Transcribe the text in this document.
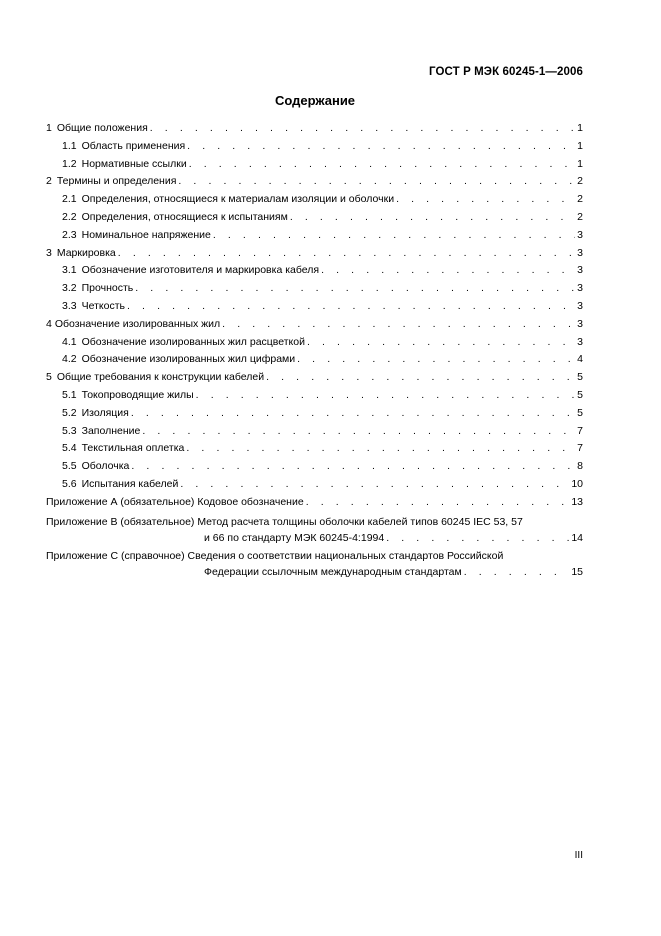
ГОСТ Р МЭК 60245-1—2006
Содержание
1 Общие положения . . .	1
1.1 Область применения . . .	1
1.2 Нормативные ссылки . . .	1
2 Термины и определения . . .	2
2.1 Определения, относящиеся к материалам изоляции и оболочки . . .	2
2.2 Определения, относящиеся к испытаниям . . .	2
2.3 Номинальное напряжение . . .	3
3 Маркировка . . .	3
3.1 Обозначение изготовителя и маркировка кабеля . . .	3
3.2 Прочность . . .	3
3.3 Четкость . . .	3
4 Обозначение изолированных жил . . .	3
4.1 Обозначение изолированных жил расцветкой . . .	3
4.2 Обозначение изолированных жил цифрами . . .	4
5 Общие требования к конструкции кабелей . . .	5
5.1 Токопроводящие жилы . . .	5
5.2 Изоляция . . .	5
5.3 Заполнение . . .	7
5.4 Текстильная оплетка . . .	7
5.5 Оболочка . . .	8
5.6 Испытания кабелей . . .	10
Приложение А (обязательное) Кодовое обозначение . . .	13
Приложение В (обязательное) Метод расчета толщины оболочки кабелей типов 60245 IEC 53, 57
и 66 по стандарту МЭК 60245-4:1994 . . .	14
Приложение С (справочное) Сведения о соответствии национальных стандартов Российской
Федерации ссылочным международным стандартам . . .	15
III
